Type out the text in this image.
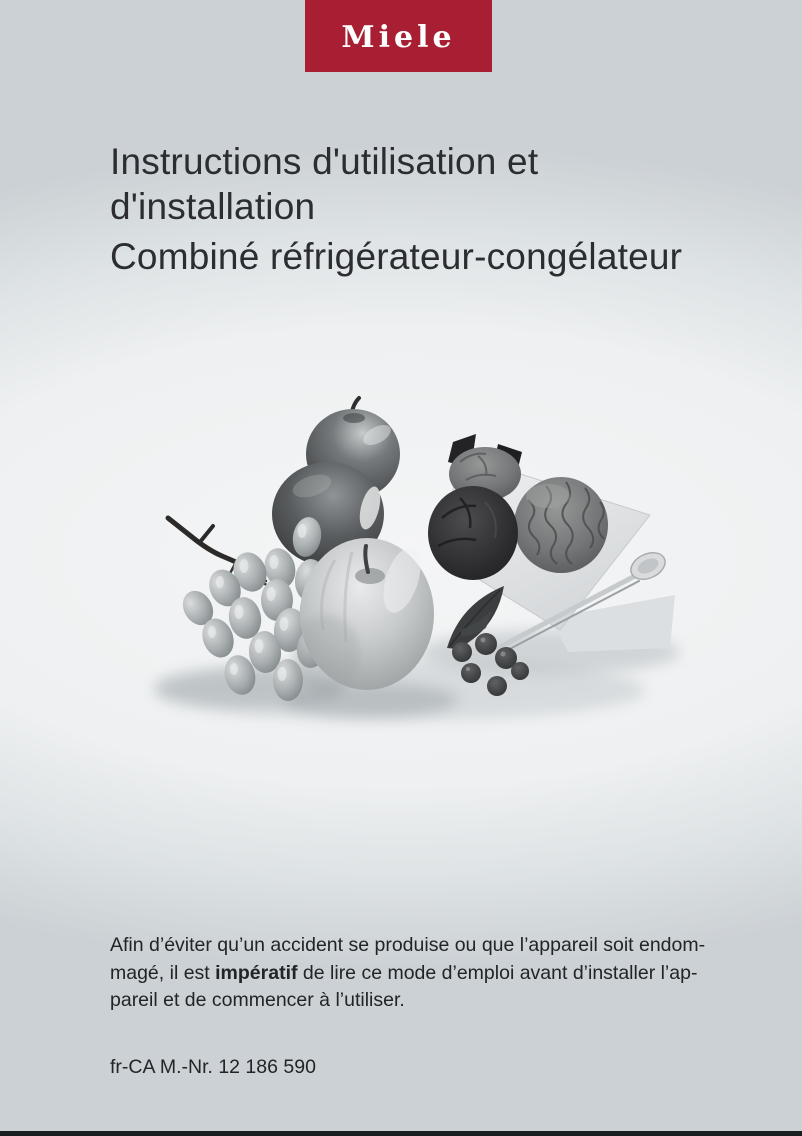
Miele
Instructions d'utilisation et
d'installation
Combiné réfrigérateur-congélateur
Afin d’éviter qu’un accident se produise ou que l’appareil soit endom-
magé, il est impératif de lire ce mode d’emploi avant d’installer l’ap-
pareil et de commencer à l’utiliser.
fr-CA M.-Nr. 12 186 590
